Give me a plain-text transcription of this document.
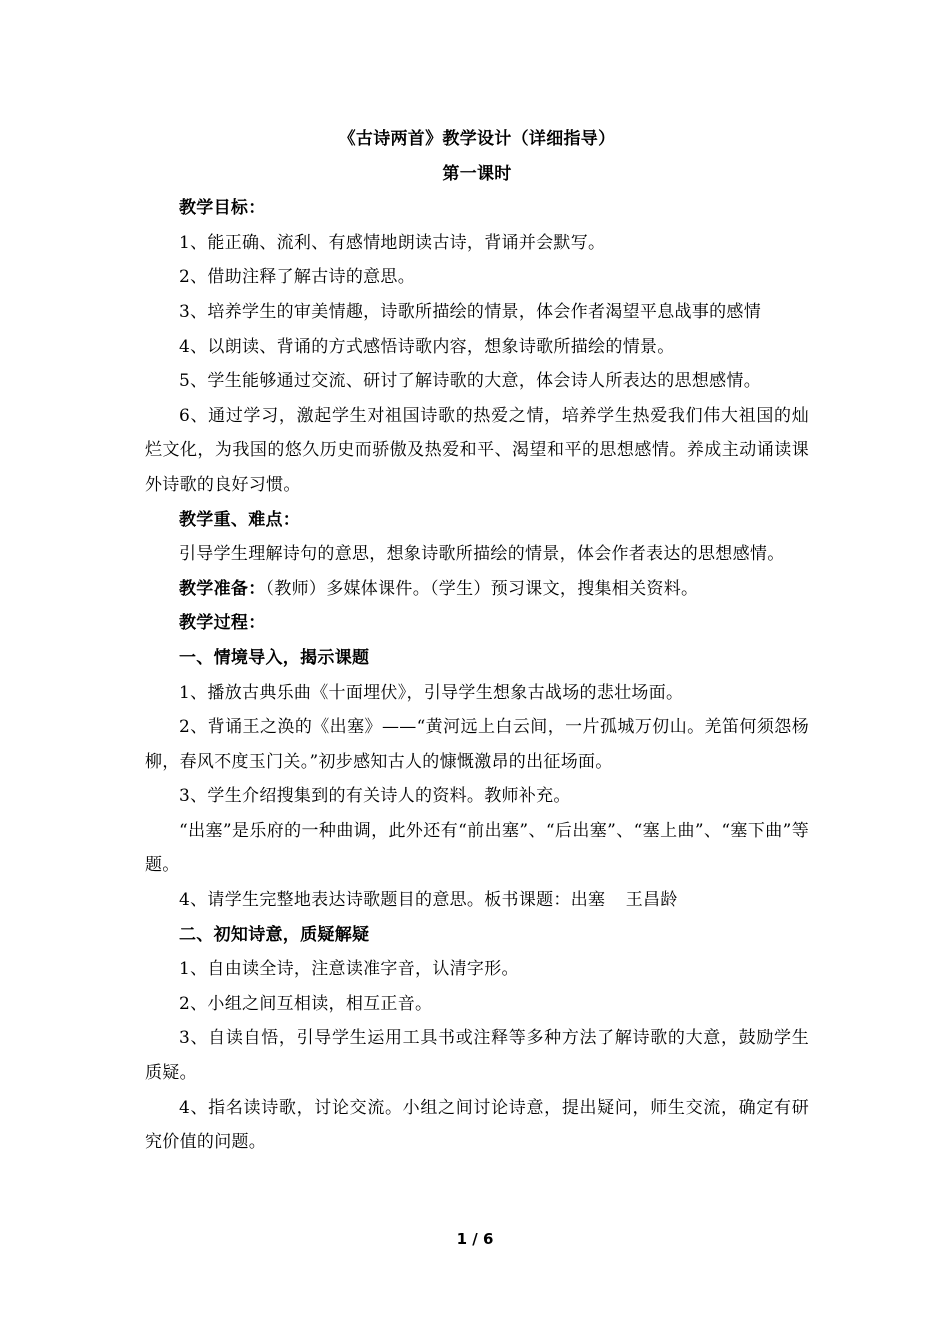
《古诗两首》教学设计（详细指导）

第一课时

教学目标：

1、能正确、流利、有感情地朗读古诗，背诵并会默写。

2、借助注释了解古诗的意思。

3、培养学生的审美情趣，诗歌所描绘的情景，体会作者渴望平息战事的感情

4、以朗读、背诵的方式感悟诗歌内容，想象诗歌所描绘的情景。

5、学生能够通过交流、研讨了解诗歌的大意，体会诗人所表达的思想感情。

6、通过学习，激起学生对祖国诗歌的热爱之情，培养学生热爱我们伟大祖国的灿烂文化，为我国的悠久历史而骄傲及热爱和平、渴望和平的思想感情。养成主动诵读课外诗歌的良好习惯。

教学重、难点：

引导学生理解诗句的意思，想象诗歌所描绘的情景，体会作者表达的思想感情。

教学准备：（教师）多媒体课件。（学生）预习课文，搜集相关资料。

教学过程：

一、情境导入，揭示课题

1、播放古典乐曲《十面埋伏》，引导学生想象古战场的悲壮场面。

2、背诵王之涣的《出塞》——“黄河远上白云间，一片孤城万仞山。羌笛何须怨杨柳，春风不度玉门关。”初步感知古人的慷慨激昂的出征场面。

3、学生介绍搜集到的有关诗人的资料。教师补充。

“出塞”是乐府的一种曲调，此外还有“前出塞”、“后出塞”、“塞上曲”、“塞下曲”等题。

4、请学生完整地表达诗歌题目的意思。板书课题：出塞 王昌龄

二、初知诗意，质疑解疑

1、自由读全诗，注意读准字音，认清字形。

2、小组之间互相读，相互正音。

3、自读自悟，引导学生运用工具书或注释等多种方法了解诗歌的大意，鼓励学生质疑。

4、指名读诗歌，讨论交流。小组之间讨论诗意，提出疑问，师生交流，确定有研究价值的问题。

1 / 6
